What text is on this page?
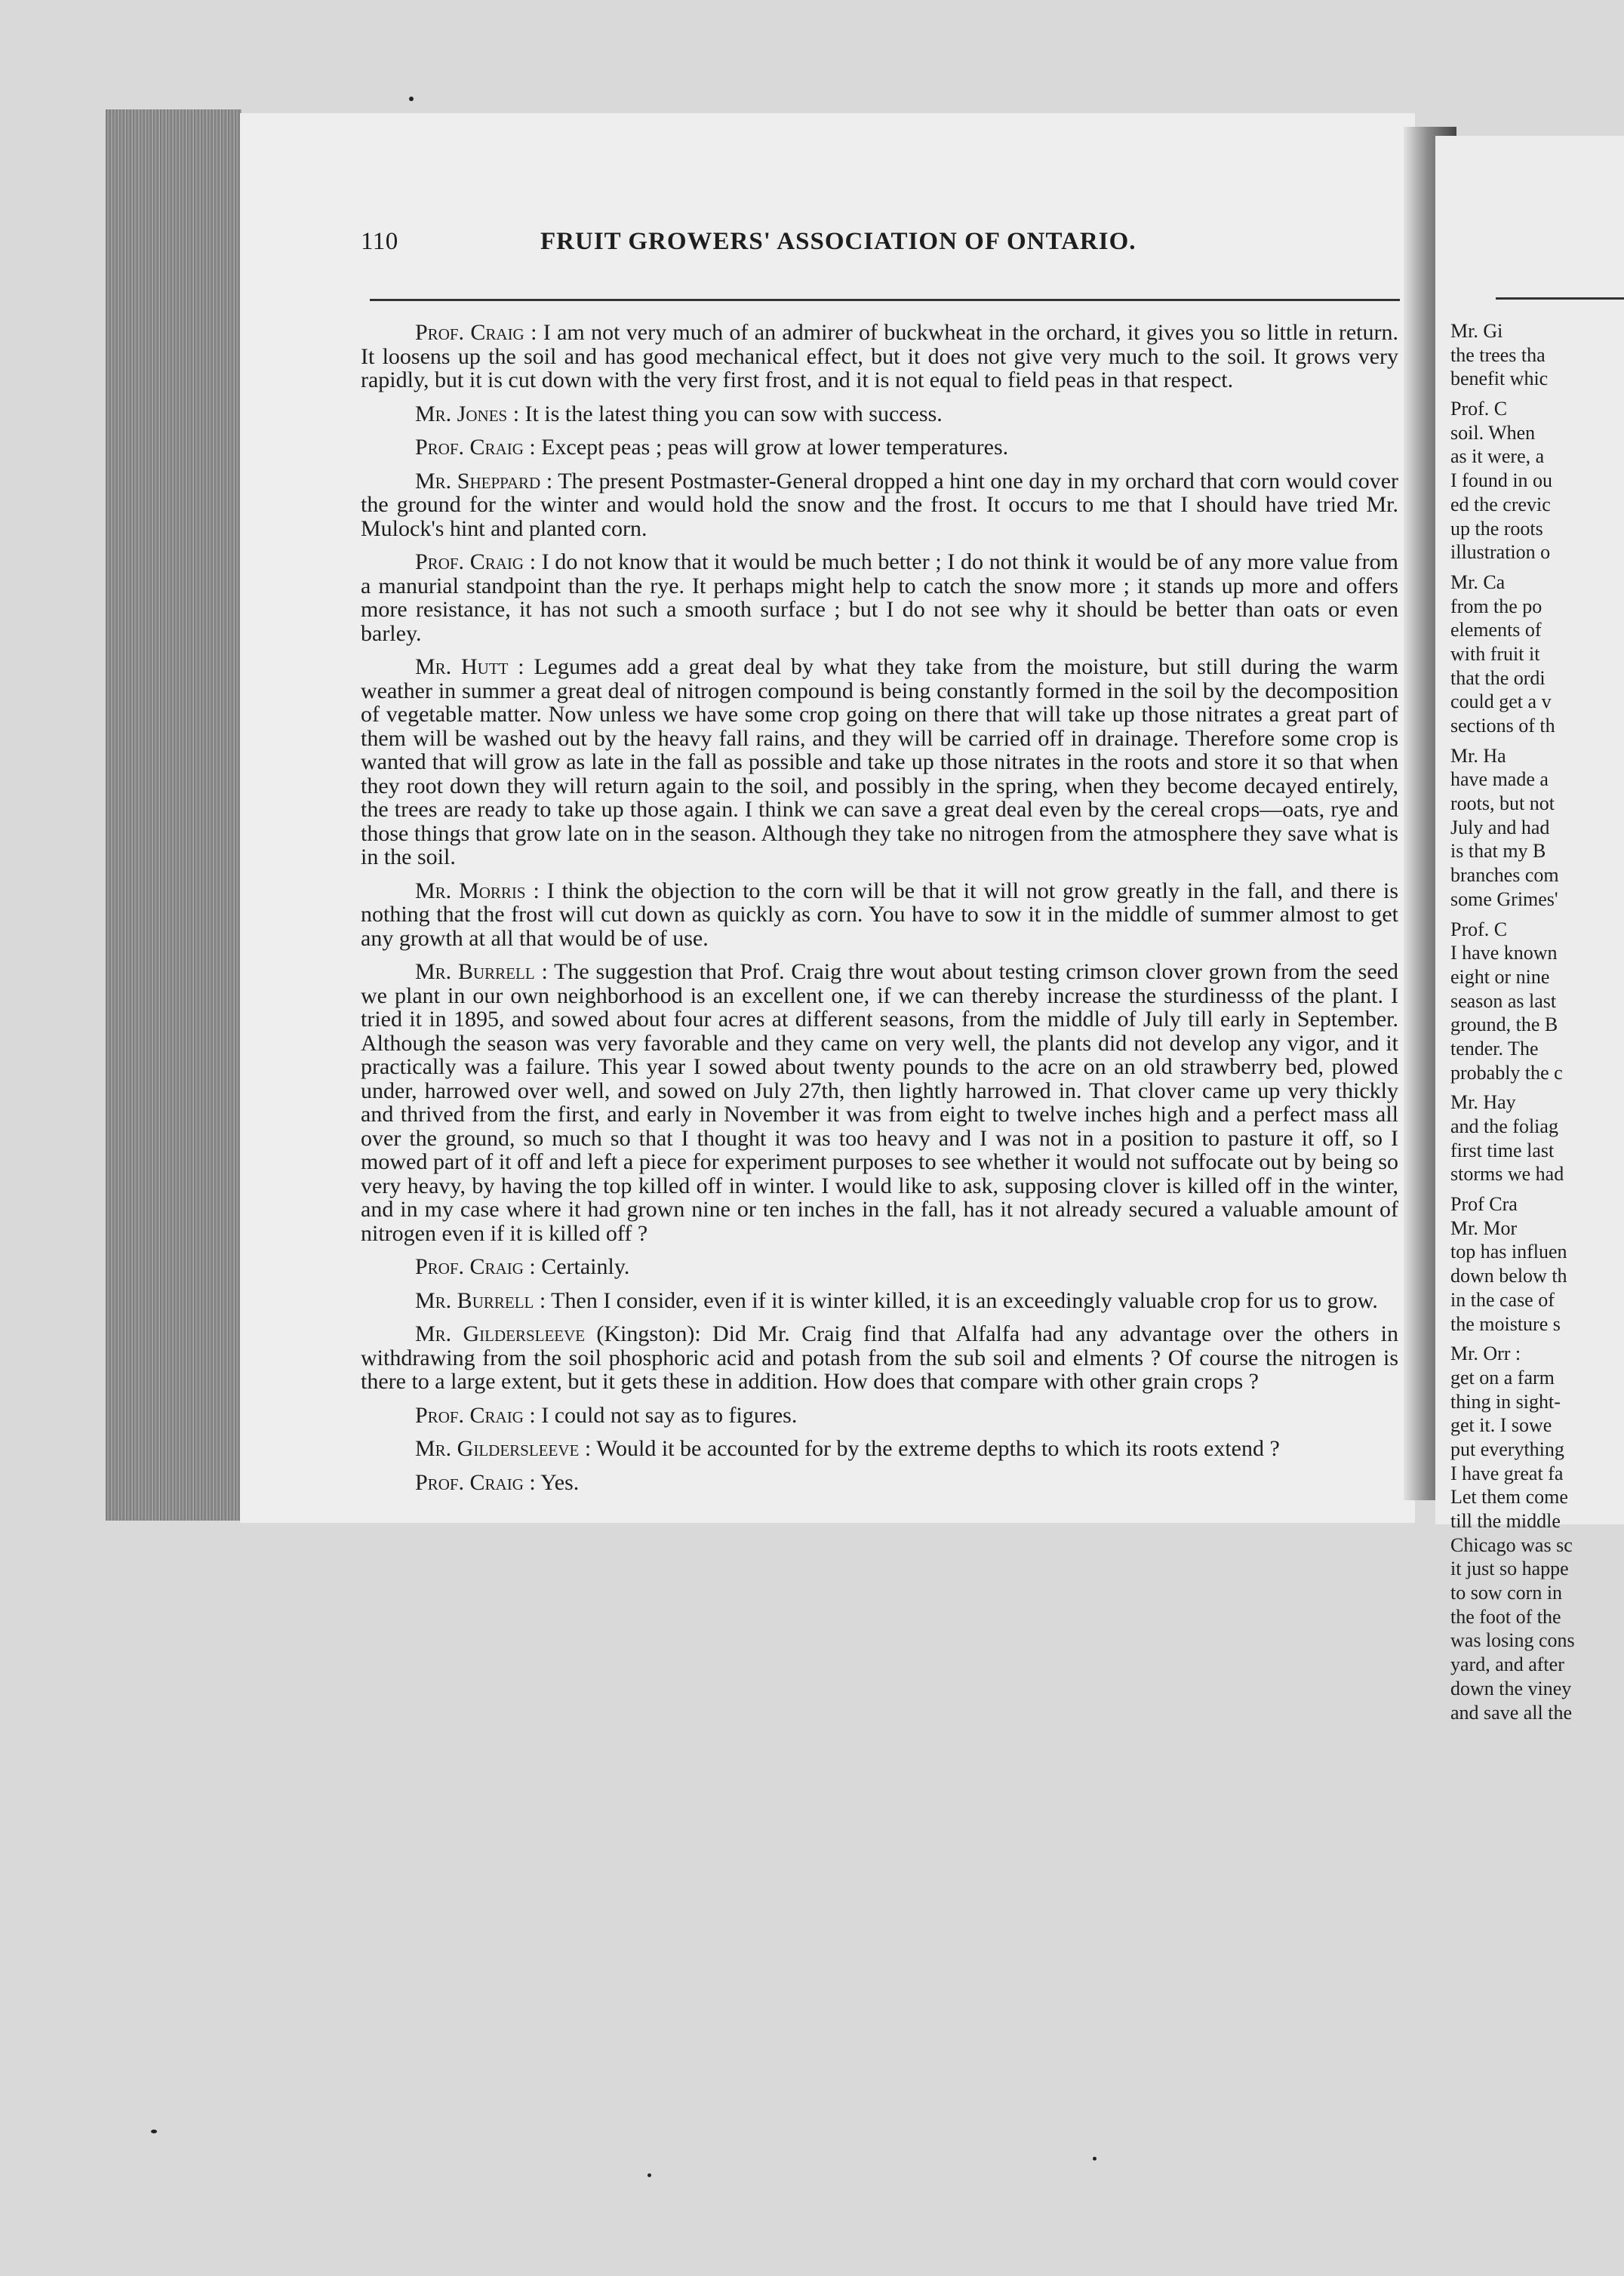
110	FRUIT GROWERS' ASSOCIATION OF ONTARIO.

Prof. Craig : I am not very much of an admirer of buckwheat in the orchard, it gives you so little in return. It loosens up the soil and has good mechanical effect, but it does not give very much to the soil. It grows very rapidly, but it is cut down with the very first frost, and it is not equal to field peas in that respect.

Mr. Jones : It is the latest thing you can sow with success.

Prof. Craig : Except peas ; peas will grow at lower temperatures.

Mr. Sheppard : The present Postmaster-General dropped a hint one day in my orchard that corn would cover the ground for the winter and would hold the snow and the frost. It occurs to me that I should have tried Mr. Mulock's hint and planted corn.

Prof. Craig : I do not know that it would be much better ; I do not think it would be of any more value from a manurial standpoint than the rye. It perhaps might help to catch the snow more ; it stands up more and offers more resistance, it has not such a smooth surface ; but I do not see why it should be better than oats or even barley.

Mr. Hutt : Legumes add a great deal by what they take from the moisture, but still during the warm weather in summer a great deal of nitrogen compound is being constantly formed in the soil by the decomposition of vegetable matter. Now unless we have some crop going on there that will take up those nitrates a great part of them will be washed out by the heavy fall rains, and they will be carried off in drainage. Therefore some crop is wanted that will grow as late in the fall as possible and take up those nitrates in the roots and store it so that when they root down they will return again to the soil, and possibly in the spring, when they become decayed entirely, the trees are ready to take up those again. I think we can save a great deal even by the cereal crops—oats, rye and those things that grow late on in the season. Although they take no nitrogen from the atmosphere they save what is in the soil.

Mr. Morris : I think the objection to the corn will be that it will not grow greatly in the fall, and there is nothing that the frost will cut down as quickly as corn. You have to sow it in the middle of summer almost to get any growth at all that would be of use.

Mr. Burrell : The suggestion that Prof. Craig thre wout about testing crimson clover grown from the seed we plant in our own neighborhood is an excellent one, if we can thereby increase the sturdinesss of the plant. I tried it in 1895, and sowed about four acres at different seasons, from the middle of July till early in September. Although the season was very favorable and they came on very well, the plants did not develop any vigor, and it practically was a failure. This year I sowed about twenty pounds to the acre on an old strawberry bed, plowed under, harrowed over well, and sowed on July 27th, then lightly harrowed in. That clover came up very thickly and thrived from the first, and early in November it was from eight to twelve inches high and a perfect mass all over the ground, so much so that I thought it was too heavy and I was not in a position to pasture it off, so I mowed part of it off and left a piece for experiment purposes to see whether it would not suffocate out by being so very heavy, by having the top killed off in winter. I would like to ask, supposing clover is killed off in the winter, and in my case where it had grown nine or ten inches in the fall, has it not already secured a valuable amount of nitrogen even if it is killed off ?

Prof. Craig : Certainly.

Mr. Burrell : Then I consider, even if it is winter killed, it is an exceedingly valuable crop for us to grow.

Mr. Gildersleeve (Kingston): Did Mr. Craig find that Alfalfa had any advantage over the others in withdrawing from the soil phosphoric acid and potash from the sub soil and elments ? Of course the nitrogen is there to a large extent, but it gets these in addition. How does that compare with other grain crops ?

Prof. Craig : I could not say as to figures.

Mr. Gildersleeve : Would it be accounted for by the extreme depths to which its roots extend ?

Prof. Craig : Yes.

Mr. Gi
the trees tha
benefit whic
Prof. C
soil. When
as it were, a
I found in ou
ed the crevic
up the roots
illustration o
Mr. Ca
from the po
elements of
with fruit it
that the ordi
could get a v
sections of th
Mr. Ha
have made a
roots, but not
July and had
is that my B
branches com
some Grimes'
Prof. C
I have known
eight or nine
season as last
ground, the B
tender. The
probably the c
Mr. Hay
and the foliag
first time last
storms we had
Prof Cra
Mr. Mor
top has influen
down below th
in the case of
the moisture s
Mr. Orr :
get on a farm
thing in sight-
get it. I sowe
put everything
I have great fa
Let them come
till the middle
Chicago was sc
it just so happe
to sow corn in
the foot of the
was losing cons
yard, and after
down the viney
and save all the
